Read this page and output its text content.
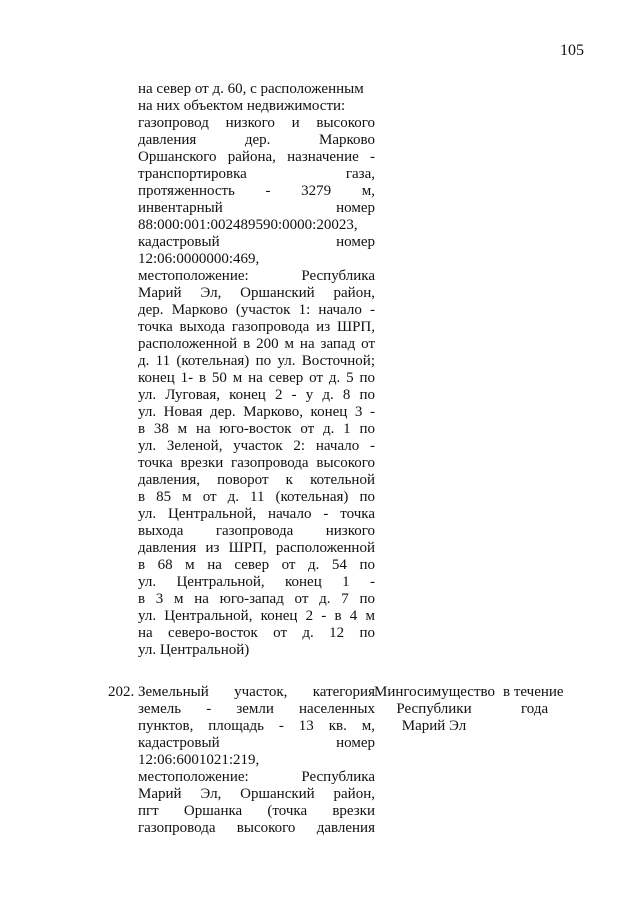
105
на север от д. 60, с расположенным
на них объектом недвижимости:
газопровод низкого и высокого
давления дер. Марково
Оршанского района, назначение -
транспортировка газа,
протяженность - 3279 м,
инвентарный номер
88:000:001:002489590:0000:20023,
кадастровый номер
12:06:0000000:469,
местоположение: Республика
Марий Эл, Оршанский район,
дер. Марково (участок 1: начало -
точка выхода газопровода из ШРП,
расположенной в 200 м на запад от
д. 11 (котельная) по ул. Восточной;
конец 1- в 50 м на север от д. 5 по
ул. Луговая, конец 2 - у д. 8 по
ул. Новая дер. Марково, конец 3 -
в 38 м на юго-восток от д. 1 по
ул. Зеленой, участок 2: начало -
точка врезки газопровода высокого
давления, поворот к котельной
в 85 м от д. 11 (котельная) по
ул. Центральной, начало - точка
выхода газопровода низкого
давления из ШРП, расположенной
в 68 м на север от д. 54 по
ул. Центральной, конец 1 -
в 3 м на юго-запад от д. 7 по
ул. Центральной, конец 2 - в 4 м
на северо-восток от д. 12 по
ул. Центральной)
202. Земельный участок, категория
земель - земли населенных
пунктов, площадь - 13 кв. м,
кадастровый номер
12:06:6001021:219,
местоположение: Республика
Марий Эл, Оршанский район,
пгт Оршанка (точка врезки
газопровода высокого давления
Мингосимущество
Республики
Марий Эл
в течение
года
